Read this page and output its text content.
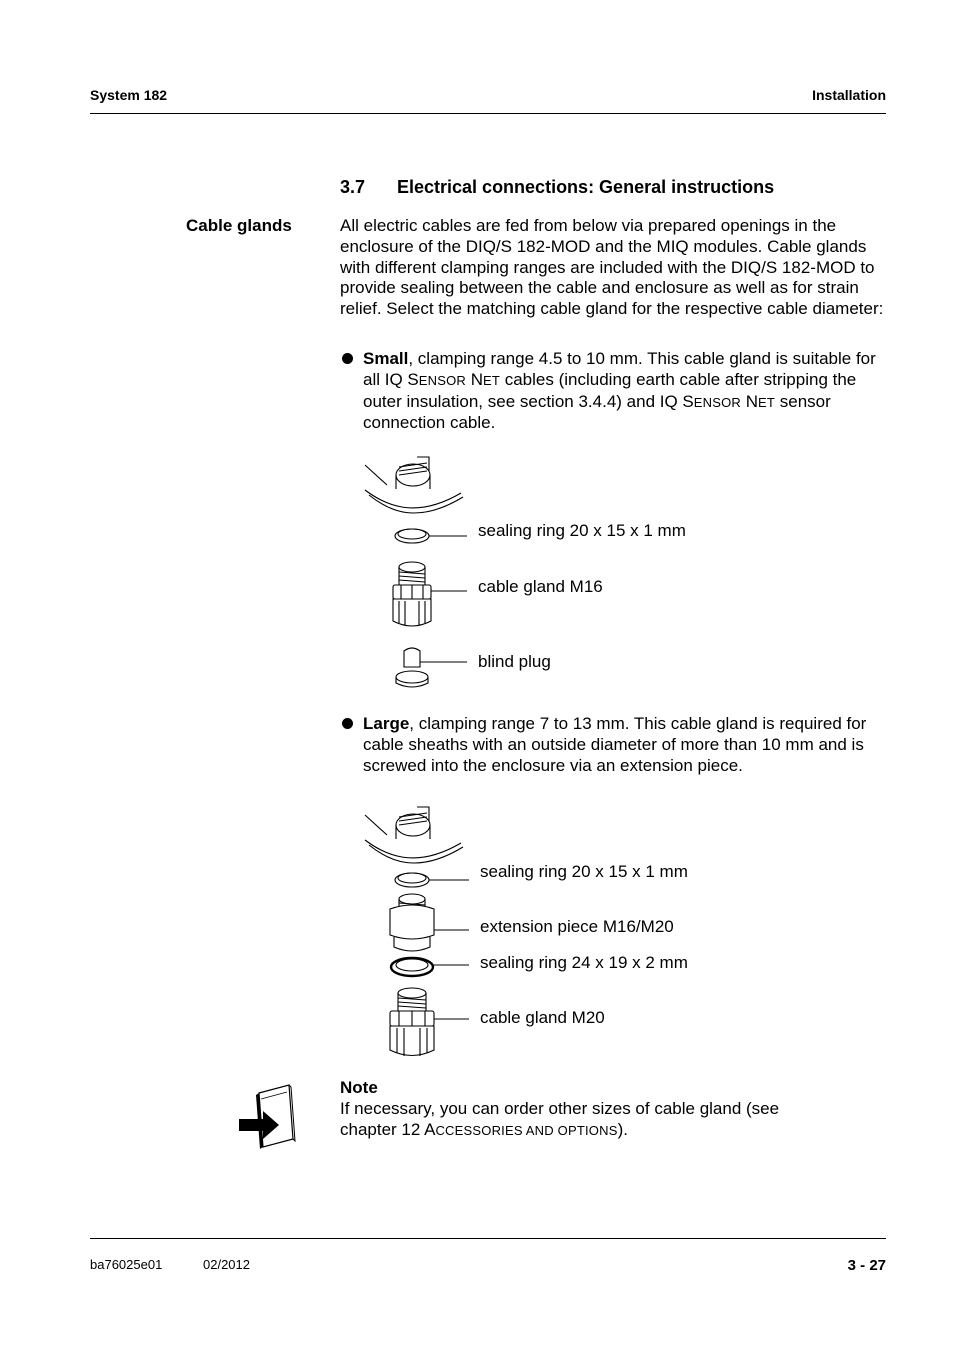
System 182	Installation
3.7 Electrical connections: General instructions
Cable glands	All electric cables are fed from below via prepared openings in the enclosure of the DIQ/S 182-MOD and the MIQ modules. Cable glands with different clamping ranges are included with the DIQ/S 182-MOD to provide sealing between the cable and enclosure as well as for strain relief. Select the matching cable gland for the respective cable diameter:
Small, clamping range 4.5 to 10 mm. This cable gland is suitable for all IQ SENSOR NET cables (including earth cable after stripping the outer insulation, see section 3.4.4) and IQ SENSOR NET sensor connection cable.
sealing ring 20 x 15 x 1 mm
cable gland M16
blind plug
Large, clamping range 7 to 13 mm. This cable gland is required for cable sheaths with an outside diameter of more than 10 mm and is screwed into the enclosure via an extension piece.
sealing ring 20 x 15 x 1 mm
extension piece M16/M20
sealing ring 24 x 19 x 2 mm
cable gland M20
Note
If necessary, you can order other sizes of cable gland (see chapter 12 ACCESSORIES AND OPTIONS).
ba76025e01	02/2012	3 - 27
